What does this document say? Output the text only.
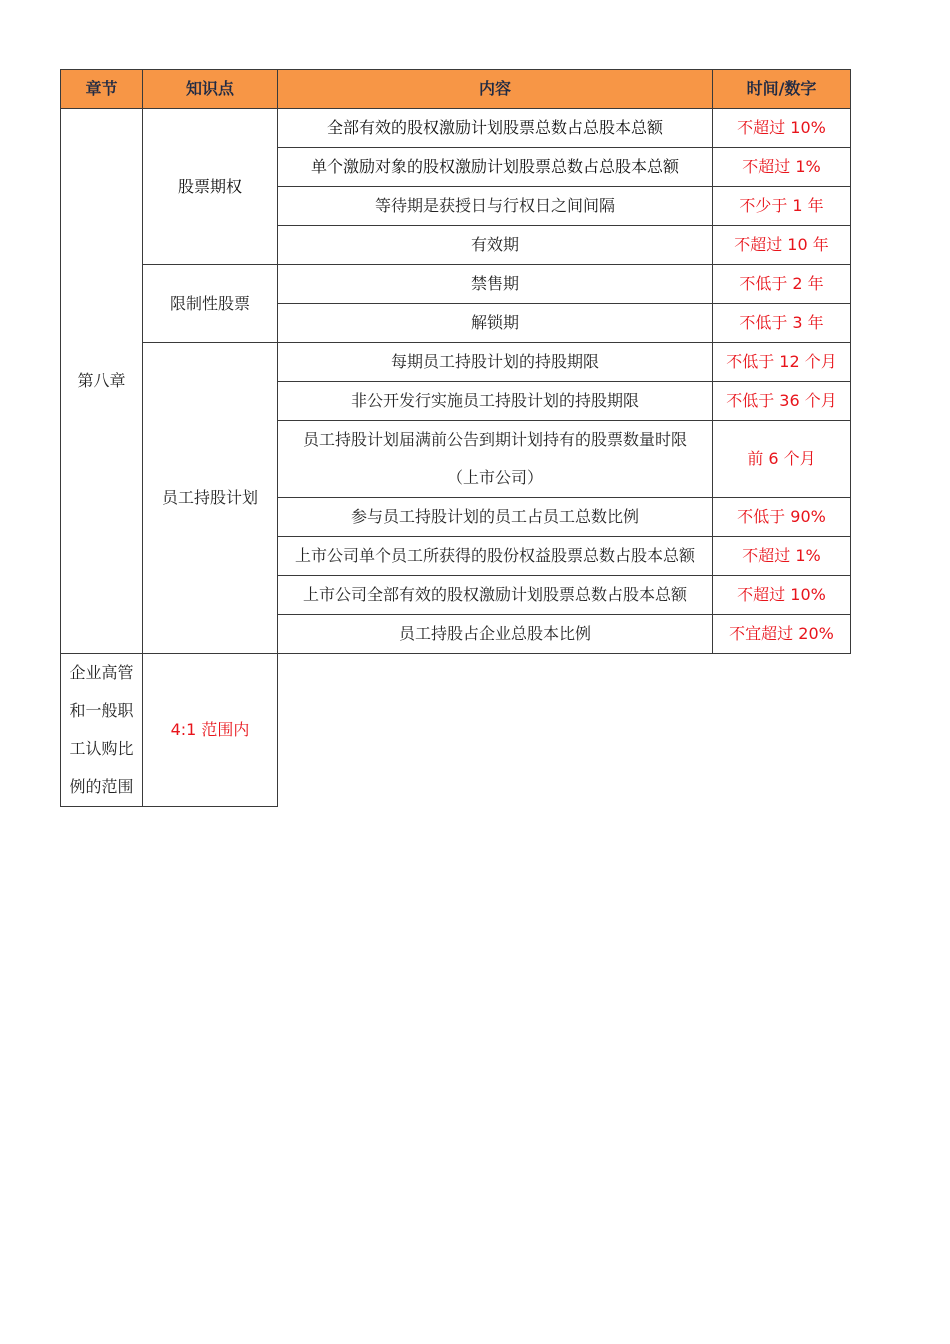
章节	知识点	内容	时间/数字
第八章	股票期权	全部有效的股权激励计划股票总数占总股本总额	不超过 10%
		单个激励对象的股权激励计划股票总数占总股本总额	不超过 1%
		等待期是获授日与行权日之间间隔	不少于 1 年
		有效期	不超过 10 年
	限制性股票	禁售期	不低于 2 年
		解锁期	不低于 3 年
	员工持股计划	每期员工持股计划的持股期限	不低于 12 个月
		非公开发行实施员工持股计划的持股期限	不低于 36 个月
		员工持股计划届满前公告到期计划持有的股票数量时限（上市公司）	前 6 个月

		参与员工持股计划的员工占员工总数比例	不低于 90%
		上市公司单个员工所获得的股份权益股票总数占股本总额	不超过 1%

		上市公司全部有效的股权激励计划股票总数占股本总额	不超过 10%

		员工持股占企业总股本比例	不宜超过 20%
企业高管和一般职工认购比例的范围	4:1 范围内		
